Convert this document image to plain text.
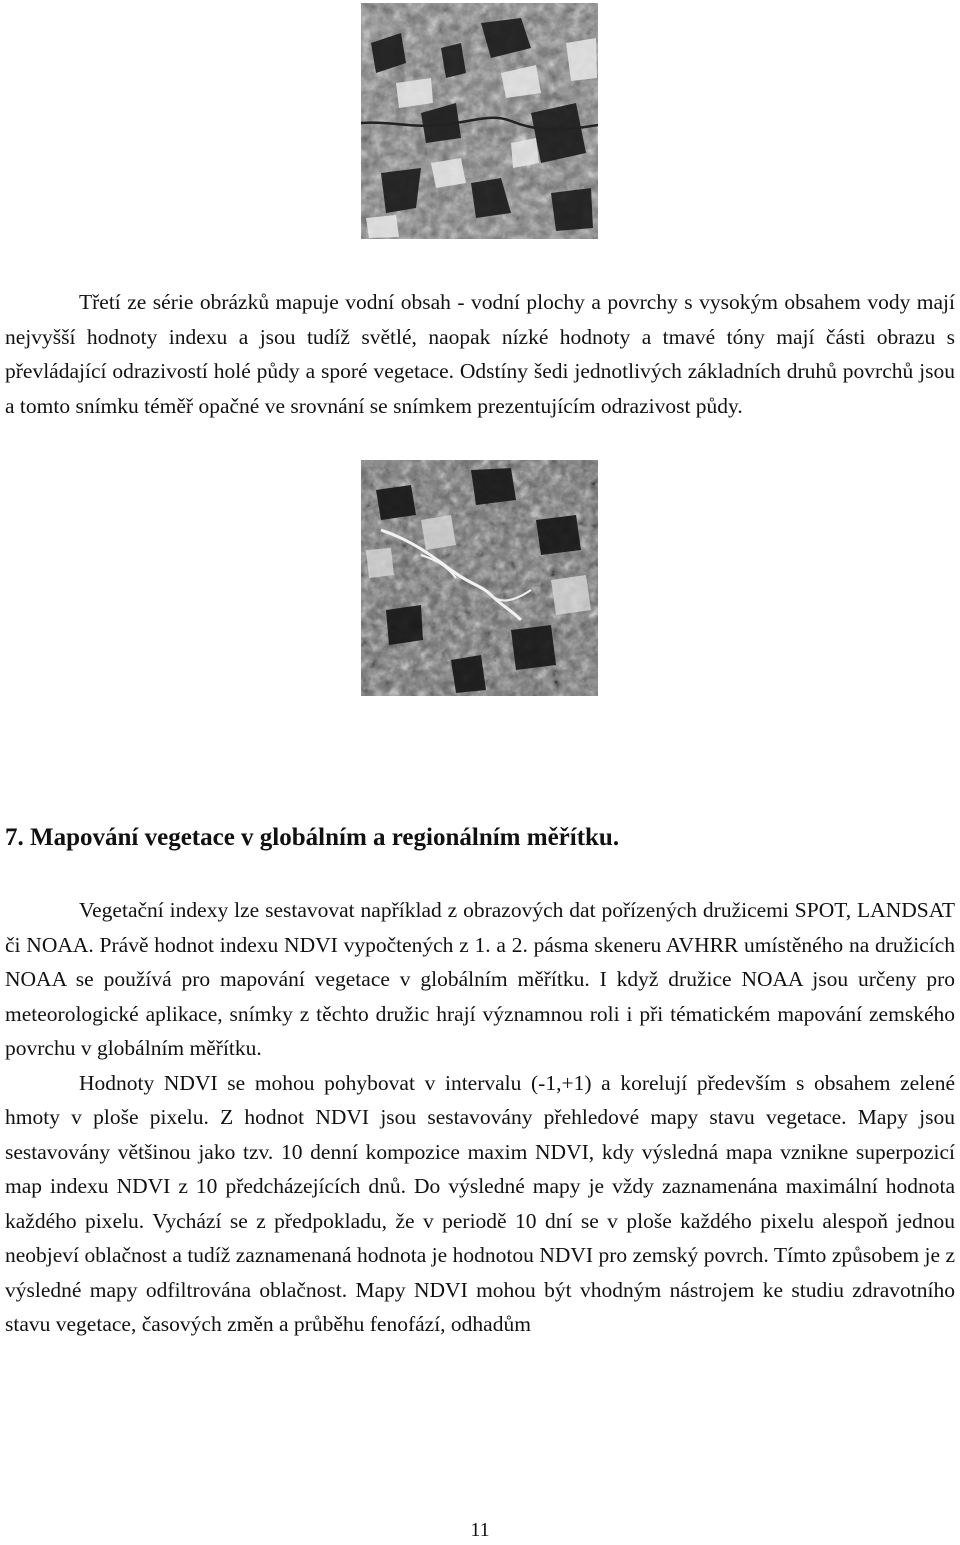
Třetí ze série obrázků mapuje vodní obsah - vodní plochy a povrchy s vysokým obsahem vody mají nejvyšší hodnoty indexu a jsou tudíž světlé, naopak nízké hodnoty a tmavé tóny mají části obrazu s převládající odrazivostí holé půdy a sporé vegetace. Odstíny šedi jednotlivých základních druhů povrchů jsou a tomto snímku téměř opačné ve srovnání se snímkem prezentujícím odrazivost půdy.

7. Mapování vegetace v globálním a regionálním měřítku.

Vegetační indexy lze sestavovat například z obrazových dat pořízených družicemi SPOT, LANDSAT či NOAA. Právě hodnot indexu NDVI vypočtených z 1. a 2. pásma skeneru AVHRR umístěného na družicích NOAA se používá pro mapování vegetace v globálním měřítku. I když družice NOAA jsou určeny pro meteorologické aplikace, snímky z těchto družic hrají významnou roli i při tématickém mapování zemského povrchu v globálním měřítku.

Hodnoty NDVI se mohou pohybovat v intervalu (-1,+1) a korelují především s obsahem zelené hmoty v ploše pixelu. Z hodnot NDVI jsou sestavovány přehledové mapy stavu vegetace. Mapy jsou sestavovány většinou jako tzv. 10 denní kompozice maxim NDVI, kdy výsledná mapa vznikne superpozicí map indexu NDVI z 10 předcházejících dnů. Do výsledné mapy je vždy zaznamenána maximální hodnota každého pixelu. Vychází se z předpokladu, že v periodě 10 dní se v ploše každého pixelu alespoň jednou neobjeví oblačnost a tudíž zaznamenaná hodnota je hodnotou NDVI pro zemský povrch. Tímto způsobem je z výsledné mapy odfiltrována oblačnost. Mapy NDVI mohou být vhodným nástrojem ke studiu zdravotního stavu vegetace, časových změn a průběhu fenofází, odhadům

11
